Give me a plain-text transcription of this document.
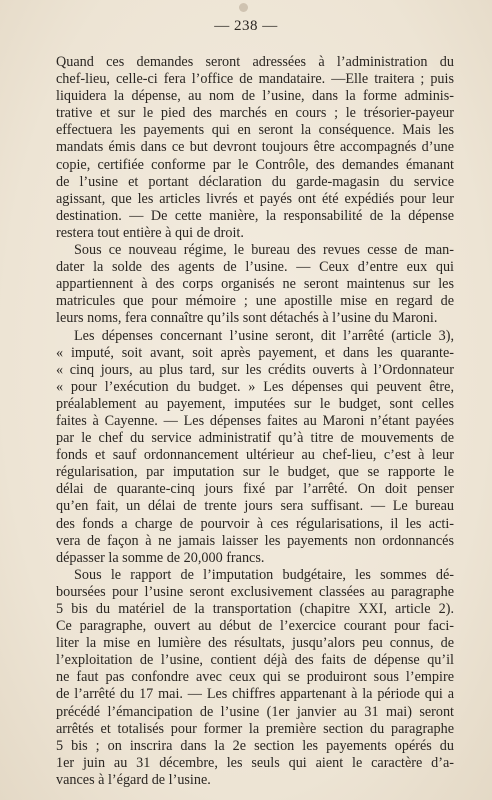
— 238 —
Quand ces demandes seront adressées à l’administration du
chef-lieu, celle-ci fera l’office de mandataire. —Elle traitera ; puis
liquidera la dépense, au nom de l’usine, dans la forme adminis-
trative et sur le pied des marchés en cours ; le trésorier-payeur
effectuera les payements qui en seront la conséquence. Mais les
mandats émis dans ce but devront toujours être accompagnés d’une
copie, certifiée conforme par le Contrôle, des demandes émanant
de l’usine et portant déclaration du garde-magasin du service
agissant, que les articles livrés et payés ont été expédiés pour leur
destination. — De cette manière, la responsabilité de la dépense
restera tout entière à qui de droit.
Sous ce nouveau régime, le bureau des revues cesse de man-
dater la solde des agents de l’usine. — Ceux d’entre eux qui
appartiennent à des corps organisés ne seront maintenus sur les
matricules que pour mémoire ; une apostille mise en regard de
leurs noms, fera connaître qu’ils sont détachés à l’usine du Maroni.
Les dépenses concernant l’usine seront, dit l’arrêté (article 3),
« imputé, soit avant, soit après payement, et dans les quarante-
« cinq jours, au plus tard, sur les crédits ouverts à l’Ordonnateur
« pour l’exécution du budget. » Les dépenses qui peuvent être,
préalablement au payement, imputées sur le budget, sont celles
faites à Cayenne. — Les dépenses faites au Maroni n’étant payées
par le chef du service administratif qu’à titre de mouvements de
fonds et sauf ordonnancement ultérieur au chef-lieu, c’est à leur
régularisation, par imputation sur le budget, que se rapporte le
délai de quarante-cinq jours fixé par l’arrêté. On doit penser
qu’en fait, un délai de trente jours sera suffisant. — Le bureau
des fonds a charge de pourvoir à ces régularisations, il les acti-
vera de façon à ne jamais laisser les payements non ordonnancés
dépasser la somme de 20,000 francs.
Sous le rapport de l’imputation budgétaire, les sommes dé-
boursées pour l’usine seront exclusivement classées au paragraphe
5 bis du matériel de la transportation (chapitre XXI, article 2).
Ce paragraphe, ouvert au début de l’exercice courant pour faci-
liter la mise en lumière des résultats, jusqu’alors peu connus, de
l’exploitation de l’usine, contient déjà des faits de dépense qu’il
ne faut pas confondre avec ceux qui se produiront sous l’empire
de l’arrêté du 17 mai. — Les chiffres appartenant à la période qui a
précédé l’émancipation de l’usine (1er janvier au 31 mai) seront
arrêtés et totalisés pour former la première section du paragraphe
5 bis ; on inscrira dans la 2e section les payements opérés du
1er juin au 31 décembre, les seuls qui aient le caractère d’a-
vances à l’égard de l’usine.
